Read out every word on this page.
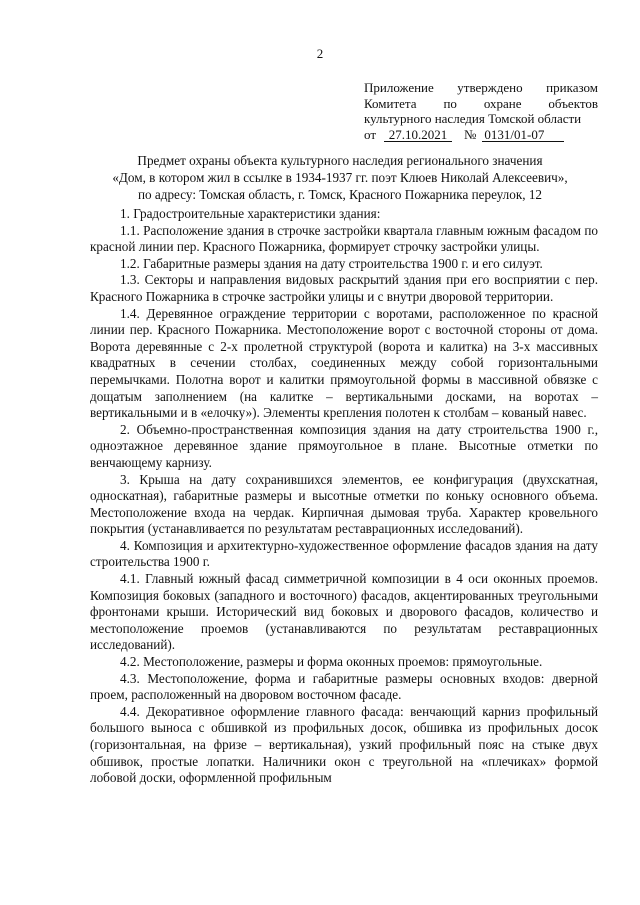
2
Приложение утверждено приказом
Комитета по охране объектов
культурного наследия Томской области
от 27.10.2021	№ 0131/01-07
Предмет охраны объекта культурного наследия регионального значения
«Дом, в котором жил в ссылке в 1934-1937 гг. поэт Клюев Николай Алексеевич»,
по адресу: Томская область, г. Томск, Красного Пожарника переулок, 12

1. Градостроительные характеристики здания:

1.1. Расположение здания в строчке застройки квартала главным южным фасадом по красной линии пер. Красного Пожарника, формирует строчку застройки улицы.

1.2. Габаритные размеры здания на дату строительства 1900 г. и его силуэт.

1.3. Секторы и направления видовых раскрытий здания при его восприятии с пер. Красного Пожарника в строчке застройки улицы и с внутри дворовой территории.

1.4. Деревянное ограждение территории с воротами, расположенное по красной линии пер. Красного Пожарника. Местоположение ворот с восточной стороны от дома. Ворота деревянные с 2-х пролетной структурой (ворота и калитка) на 3-х массивных квадратных в сечении столбах, соединенных между собой горизонтальными перемычками. Полотна ворот и калитки прямоугольной формы в массивной обвязке с дощатым заполнением (на калитке – вертикальными досками, на воротах – вертикальными и в «елочку»). Элементы крепления полотен к столбам – кованый навес.

2. Объемно-пространственная композиция здания на дату строительства 1900 г., одноэтажное деревянное здание прямоугольное в плане. Высотные отметки по венчающему карнизу.

3. Крыша на дату сохранившихся элементов, ее конфигурация (двухскатная, односкатная), габаритные размеры и высотные отметки по коньку основного объема. Местоположение входа на чердак. Кирпичная дымовая труба. Характер кровельного покрытия (устанавливается по результатам реставрационных исследований).

4. Композиция и архитектурно-художественное оформление фасадов здания на дату строительства 1900 г.

4.1. Главный южный фасад симметричной композиции в 4 оси оконных проемов. Композиция боковых (западного и восточного) фасадов, акцентированных треугольными фронтонами крыши. Исторический вид боковых и дворового фасадов, количество и местоположение проемов (устанавливаются по результатам реставрационных исследований).

4.2. Местоположение, размеры и форма оконных проемов: прямоугольные.

4.3. Местоположение, форма и габаритные размеры основных входов: дверной проем, расположенный на дворовом восточном фасаде.

4.4. Декоративное оформление главного фасада: венчающий карниз профильный большого выноса с обшивкой из профильных досок, обшивка из профильных досок (горизонтальная, на фризе – вертикальная), узкий профильный пояс на стыке двух обшивок, простые лопатки. Наличники окон с треугольной на «плечиках» формой лобовой доски, оформленной профильным
